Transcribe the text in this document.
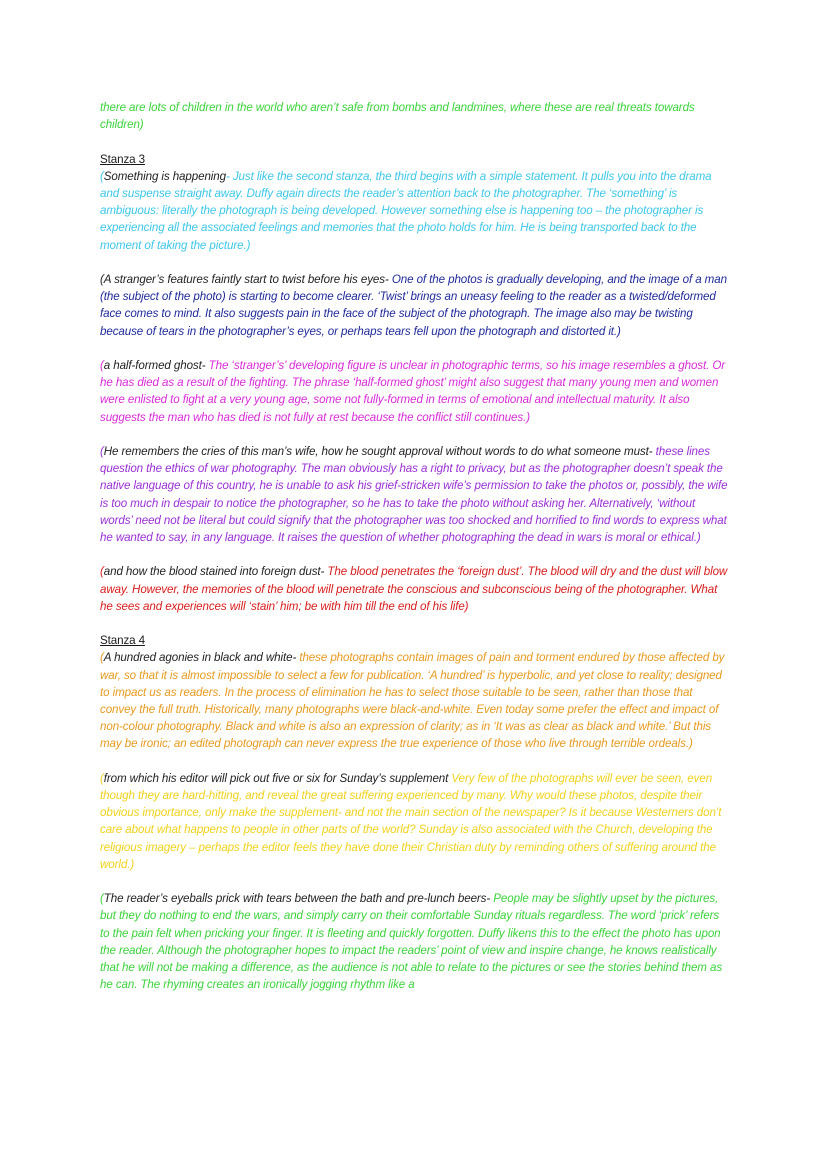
there are lots of children in the world who aren’t safe from bombs and landmines, where these are real threats towards children)

Stanza 3

(Something is happening- Just like the second stanza, the third begins with a simple statement. It pulls you into the drama and suspense straight away. Duffy again directs the reader’s attention back to the photographer. The ‘something’ is ambiguous: literally the photograph is being developed. However something else is happening too – the photographer is experiencing all the associated feelings and memories that the photo holds for him. He is being transported back to the moment of taking the picture.)

(A stranger’s features faintly start to twist before his eyes- One of the photos is gradually developing, and the image of a man (the subject of the photo) is starting to become clearer. ‘Twist’ brings an uneasy feeling to the reader as a twisted/deformed face comes to mind. It also suggests pain in the face of the subject of the photograph. The image also may be twisting because of tears in the photographer’s eyes, or perhaps tears fell upon the photograph and distorted it.)

(a half-formed ghost- The ‘stranger’s’ developing figure is unclear in photographic terms, so his image resembles a ghost. Or he has died as a result of the fighting. The phrase ‘half-formed ghost’ might also suggest that many young men and women were enlisted to fight at a very young age, some not fully-formed in terms of emotional and intellectual maturity. It also suggests the man who has died is not fully at rest because the conflict still continues.)

(He remembers the cries of this man’s wife, how he sought approval without words to do what someone must- these lines question the ethics of war photography. The man obviously has a right to privacy, but as the photographer doesn’t speak the native language of this country, he is unable to ask his grief-stricken wife’s permission to take the photos or, possibly, the wife is too much in despair to notice the photographer, so he has to take the photo without asking her. Alternatively, ‘without words’ need not be literal but could signify that the photographer was too shocked and horrified to find words to express what he wanted to say, in any language. It raises the question of whether photographing the dead in wars is moral or ethical.)

(and how the blood stained into foreign dust- The blood penetrates the ‘foreign dust’. The blood will dry and the dust will blow away. However, the memories of the blood will penetrate the conscious and subconscious being of the photographer. What he sees and experiences will ‘stain’ him; be with him till the end of his life)

Stanza 4

(A hundred agonies in black and white- these photographs contain images of pain and torment endured by those affected by war, so that it is almost impossible to select a few for publication. ‘A hundred’ is hyperbolic, and yet close to reality; designed to impact us as readers. In the process of elimination he has to select those suitable to be seen, rather than those that convey the full truth. Historically, many photographs were black-and-white. Even today some prefer the effect and impact of non-colour photography. Black and white is also an expression of clarity; as in ‘It was as clear as black and white.’ But this may be ironic; an edited photograph can never express the true experience of those who live through terrible ordeals.)

(from which his editor will pick out five or six for Sunday’s supplement Very few of the photographs will ever be seen, even though they are hard-hitting, and reveal the great suffering experienced by many. Why would these photos, despite their obvious importance, only make the supplement- and not the main section of the newspaper? Is it because Westerners don’t care about what happens to people in other parts of the world? Sunday is also associated with the Church, developing the religious imagery – perhaps the editor feels they have done their Christian duty by reminding others of suffering around the world.)

(The reader’s eyeballs prick with tears between the bath and pre-lunch beers- People may be slightly upset by the pictures, but they do nothing to end the wars, and simply carry on their comfortable Sunday rituals regardless. The word ‘prick’ refers to the pain felt when pricking your finger. It is fleeting and quickly forgotten. Duffy likens this to the effect the photo has upon the reader. Although the photographer hopes to impact the readers’ point of view and inspire change, he knows realistically that he will not be making a difference, as the audience is not able to relate to the pictures or see the stories behind them as he can. The rhyming creates an ironically jogging rhythm like a
